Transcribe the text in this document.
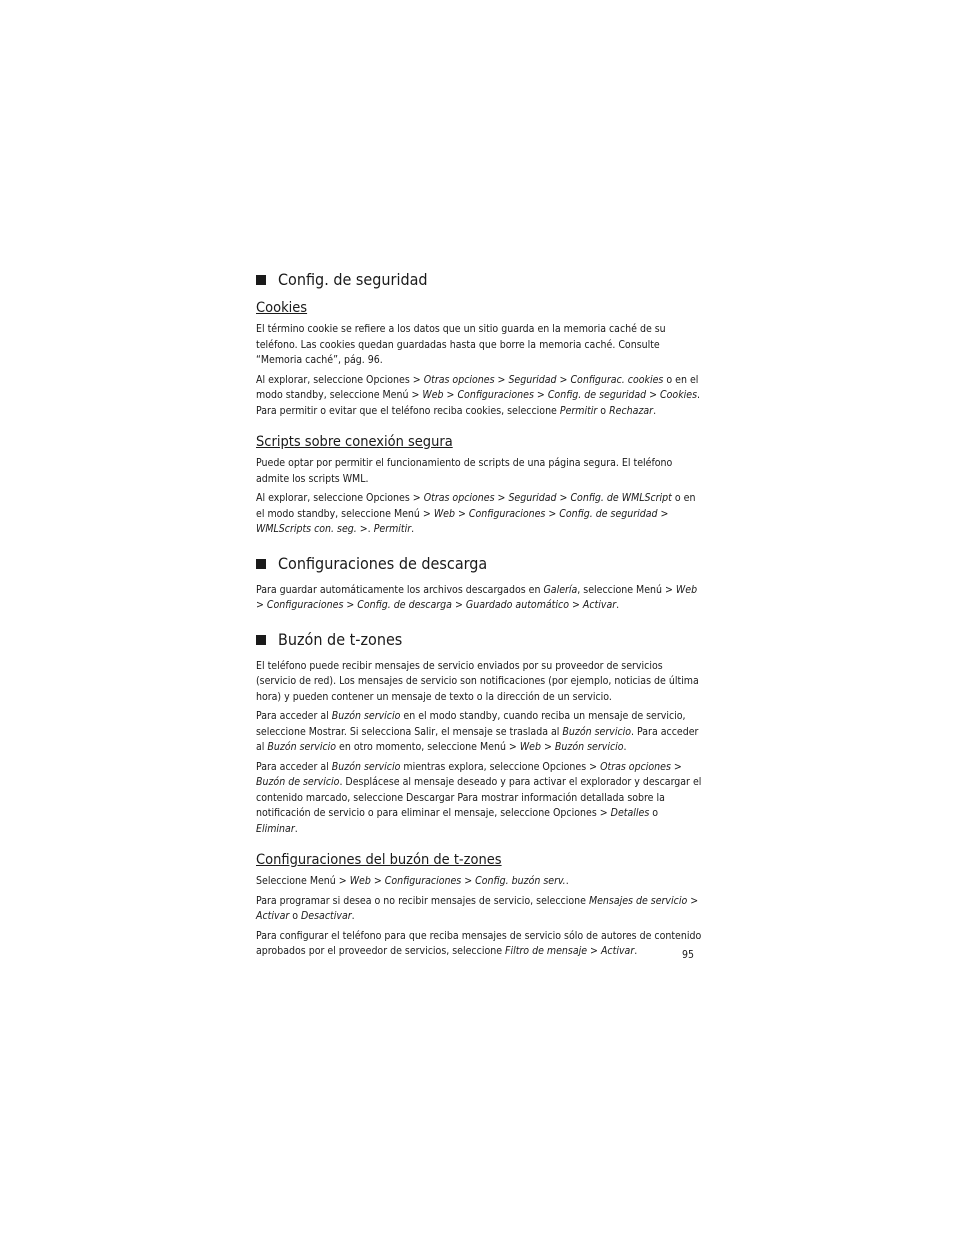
Config. de seguridad
Cookies

El término cookie se refiere a los datos que un sitio guarda en la memoria caché de su teléfono. Las cookies quedan guardadas hasta que borre la memoria caché. Consulte “Memoria caché”, pág. 96.

Al explorar, seleccione Opciones > Otras opciones > Seguridad > Configurac. cookies o en el modo standby, seleccione Menú > Web > Configuraciones > Config. de seguridad > Cookies. Para permitir o evitar que el teléfono reciba cookies, seleccione Permitir o Rechazar.

Scripts sobre conexión segura

Puede optar por permitir el funcionamiento de scripts de una página segura. El teléfono admite los scripts WML.

Al explorar, seleccione Opciones > Otras opciones > Seguridad > Config. de WMLScript o en el modo standby, seleccione Menú > Web > Configuraciones > Config. de seguridad > WMLScripts con. seg. >. Permitir.

Configuraciones de descarga

Para guardar automáticamente los archivos descargados en Galería, seleccione Menú > Web > Configuraciones > Config. de descarga > Guardado automático > Activar.

Buzón de t-zones

El teléfono puede recibir mensajes de servicio enviados por su proveedor de servicios (servicio de red). Los mensajes de servicio son notificaciones (por ejemplo, noticias de última hora) y pueden contener un mensaje de texto o la dirección de un servicio.

Para acceder al Buzón servicio en el modo standby, cuando reciba un mensaje de servicio, seleccione Mostrar. Si selecciona Salir, el mensaje se traslada al Buzón servicio. Para acceder al Buzón servicio en otro momento, seleccione Menú > Web > Buzón servicio.

Para acceder al Buzón servicio mientras explora, seleccione Opciones > Otras opciones > Buzón de servicio. Desplácese al mensaje deseado y para activar el explorador y descargar el contenido marcado, seleccione Descargar Para mostrar información detallada sobre la notificación de servicio o para eliminar el mensaje, seleccione Opciones > Detalles o Eliminar.

Configuraciones del buzón de t-zones

Seleccione Menú > Web > Configuraciones > Config. buzón serv..

Para programar si desea o no recibir mensajes de servicio, seleccione Mensajes de servicio > Activar o Desactivar.

Para configurar el teléfono para que reciba mensajes de servicio sólo de autores de contenido aprobados por el proveedor de servicios, seleccione Filtro de mensaje > Activar.	95
